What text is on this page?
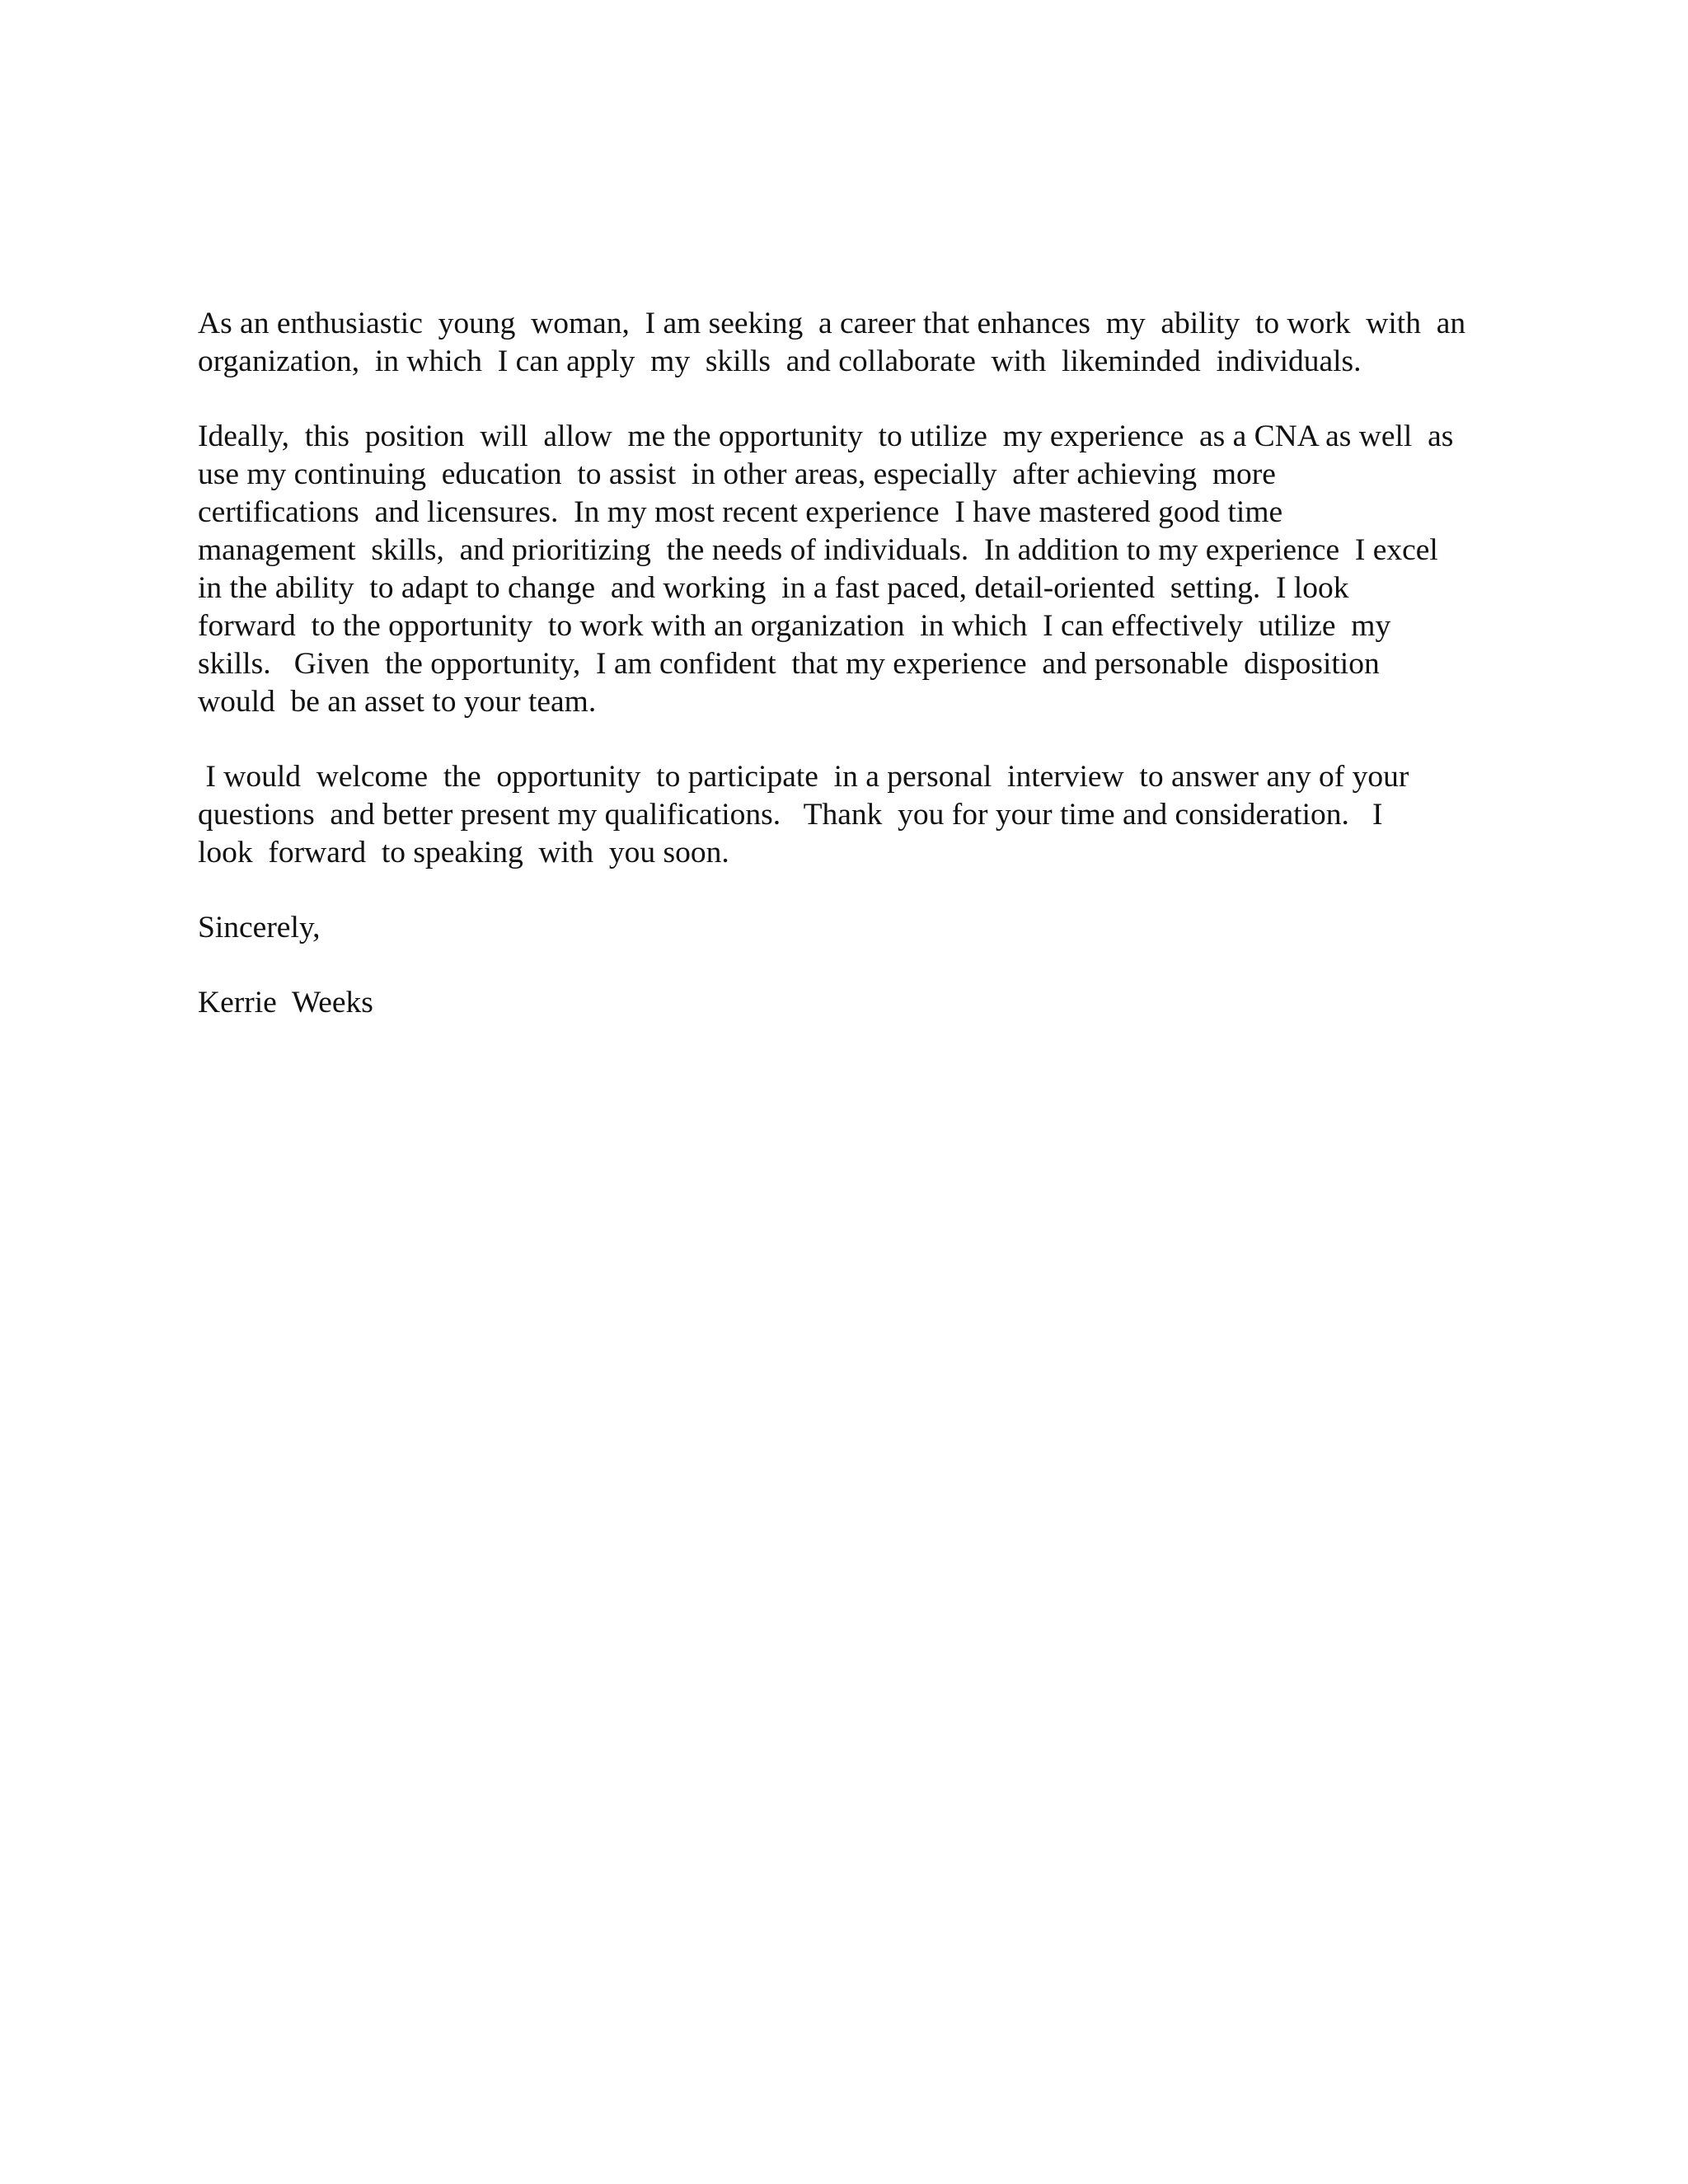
As an enthusiastic  young  woman,  I am seeking  a career that enhances  my  ability  to work  with  an
organization,  in which  I can apply  my  skills  and collaborate  with  likeminded  individuals.
Ideally,  this  position  will  allow  me the opportunity  to utilize  my experience  as a CNA as well  as
use my continuing  education  to assist  in other areas, especially  after achieving  more
certifications  and licensures.  In my most recent experience  I have mastered good time
management  skills,  and prioritizing  the needs of individuals.  In addition to my experience  I excel
in the ability  to adapt to change  and working  in a fast paced, detail-oriented  setting.  I look
forward  to the opportunity  to work with an organization  in which  I can effectively  utilize  my
skills.   Given  the opportunity,  I am confident  that my experience  and personable  disposition
would  be an asset to your team.
I would  welcome  the  opportunity  to participate  in a personal  interview  to answer any of your
questions  and better present my qualifications.   Thank  you for your time and consideration.   I
look  forward  to speaking  with  you soon.
Sincerely,
Kerrie  Weeks
